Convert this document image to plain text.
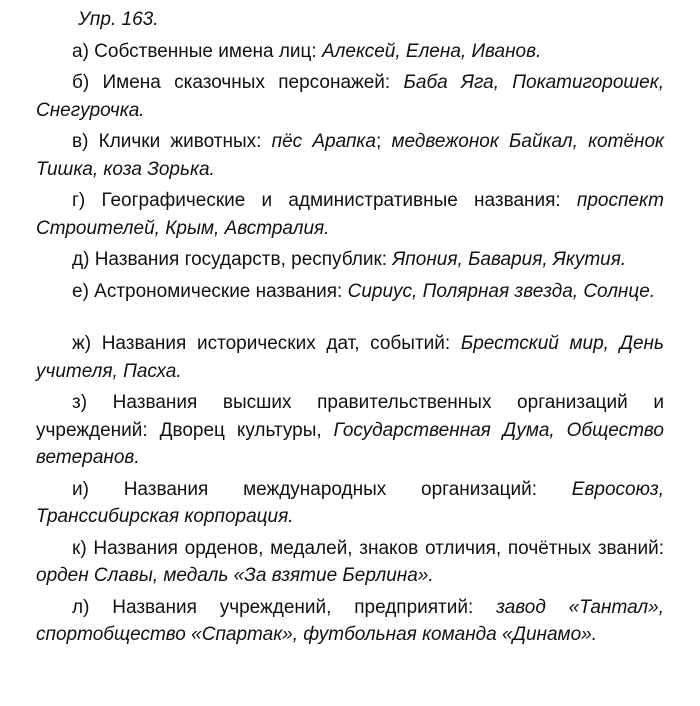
Упр. 163.
а) Собственные имена лиц: Алексей, Елена, Иванов.
б) Имена сказочных персонажей: Баба Яга, Покатигорошек, Снегурочка.
в) Клички животных: пёс Арапка; медвежонок Байкал, котёнок Тишка, коза Зорька.
г) Географические и административные названия: проспект Строителей, Крым, Австралия.
д) Названия государств, республик: Япония, Бавария, Якутия.
е) Астрономические названия: Сириус, Полярная звезда, Солнце.
ж) Названия исторических дат, событий: Брестский мир, День учителя, Пасха.
з) Названия высших правительственных организаций и учреждений: Дворец культуры, Государственная Дума, Общество ветеранов.
и) Названия международных организаций: Евросоюз, Транссибирская корпорация.
к) Названия орденов, медалей, знаков отличия, почётных званий: орден Славы, медаль «За взятие Берлина».
л) Названия учреждений, предприятий: завод «Тантал», спортобщество «Спартак», футбольная команда «Динамо».
